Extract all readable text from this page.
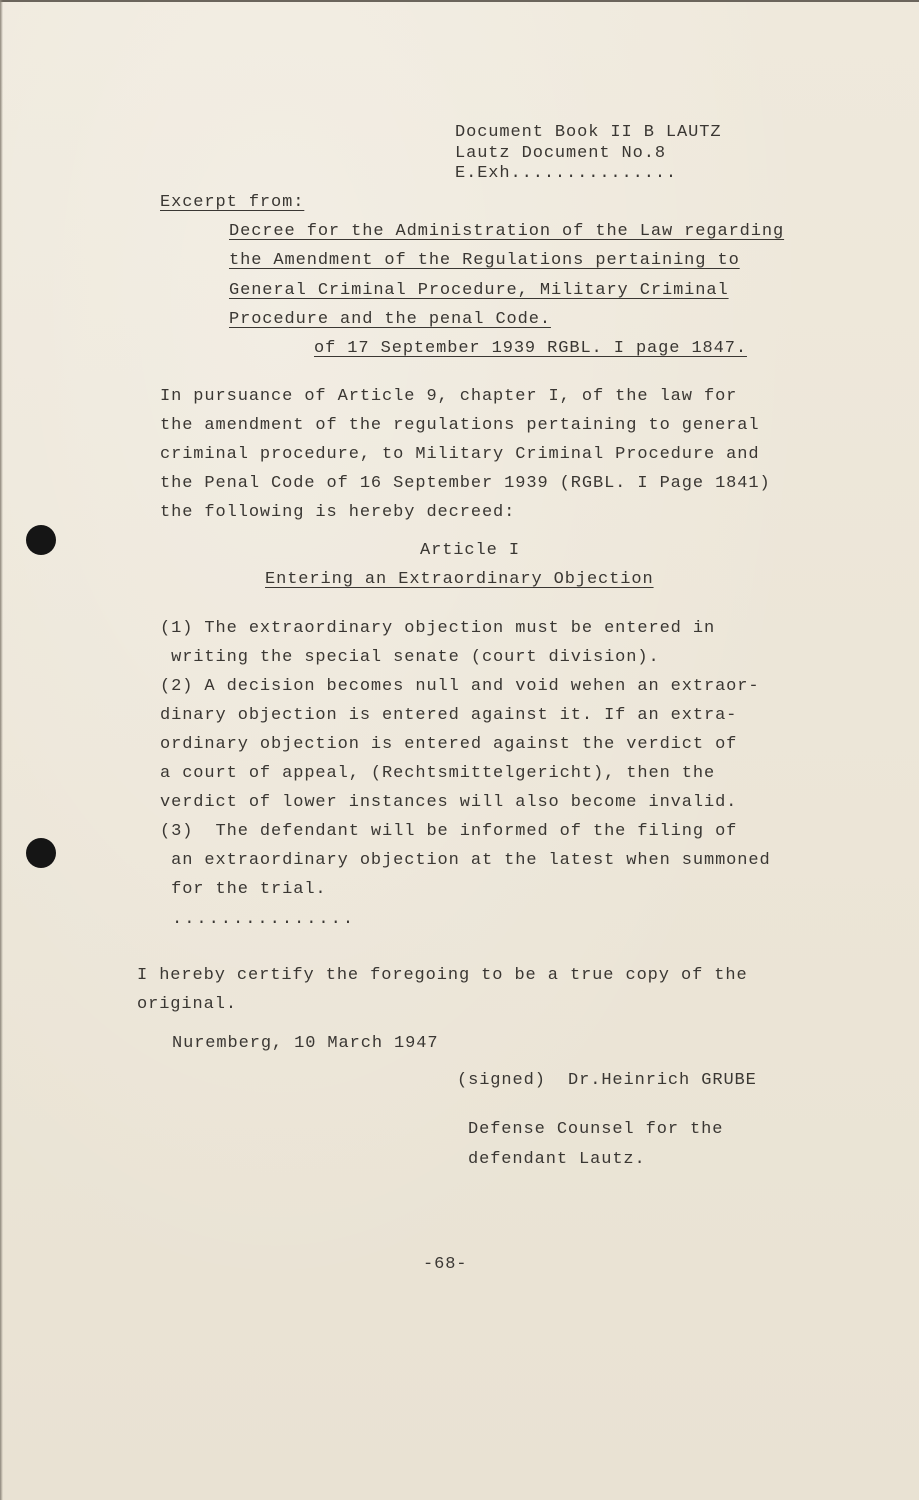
Document Book II B LAUTZ
Lautz Document No.8
E.Exh...............
Excerpt from:
Decree for the Administration of the Law regarding
the Amendment of the Regulations pertaining to
General Criminal Procedure, Military Criminal
Procedure and the penal Code.
of 17 September 1939 RGBL. I page 1847.
In pursuance of Article 9, chapter I, of the law for
the amendment of the regulations pertaining to general
criminal procedure, to Military Criminal Procedure and
the Penal Code of 16 September 1939 (RGBL. I Page 1841)
the following is hereby decreed:
Article I
Entering an Extraordinary Objection
(1) The extraordinary objection must be entered in
writing the special senate (court division).
(2) A decision becomes null and void wehen an extraor-
dinary objection is entered against it. If an extra-
ordinary objection is entered against the verdict of
a court of appeal, (Rechtsmittelgericht), then the
verdict of lower instances will also become invalid.
(3)  The defendant will be informed of the filing of
an extraordinary objection at the latest when summoned
for the trial.
...............
I hereby certify the foregoing to be a true copy of the
original.
Nuremberg, 10 March 1947
(signed)  Dr.Heinrich GRUBE
Defense Counsel for the
defendant Lautz.
-68-
